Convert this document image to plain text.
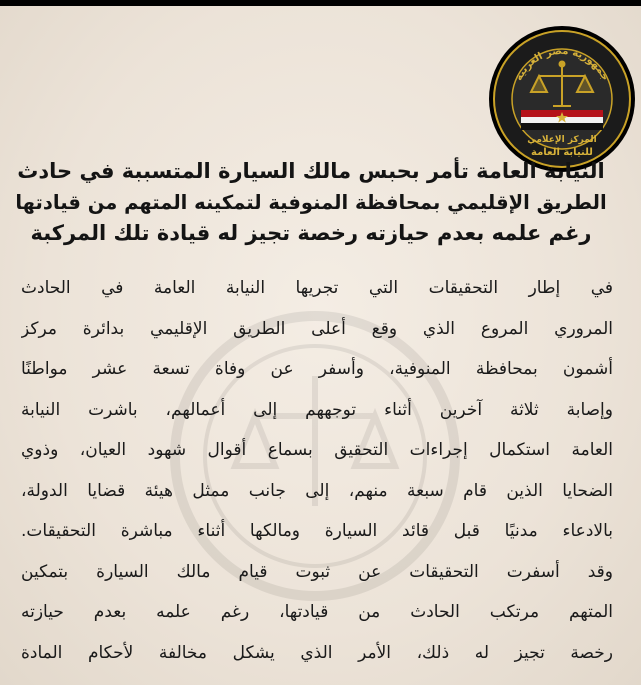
جمهورية مصر العربية
المركز الإعلامي
للنيابة العامة
النيابة العامة تأمر بحبس مالك السيارة المتسببة في حادث
الطريق الإقليمي بمحافظة المنوفية لتمكينه المتهم من قيادتها
رغم علمه بعدم حيازته رخصة تجيز له قيادة تلك المركبة
في إطار التحقيقات التي تجريها النيابة العامة في الحادث
المروري المروع الذي وقع أعلى الطريق الإقليمي بدائرة مركز
أشمون بمحافظة المنوفية، وأسفر عن وفاة تسعة عشر مواطنًا
وإصابة ثلاثة آخرين أثناء توجههم إلى أعمالهم، باشرت النيابة
العامة استكمال إجراءات التحقيق بسماع أقوال شهود العيان، وذوي
الضحايا الذين قام سبعة منهم، إلى جانب ممثل هيئة قضايا الدولة،
بالادعاء مدنيًا قبل قائد السيارة ومالكها أثناء مباشرة التحقيقات.
وقد أسفرت التحقيقات عن ثبوت قيام مالك السيارة بتمكين
المتهم مرتكب الحادث من قيادتها، رغم علمه بعدم حيازته
رخصة تجيز له ذلك، الأمر الذي يشكل مخالفة لأحكام المادة
